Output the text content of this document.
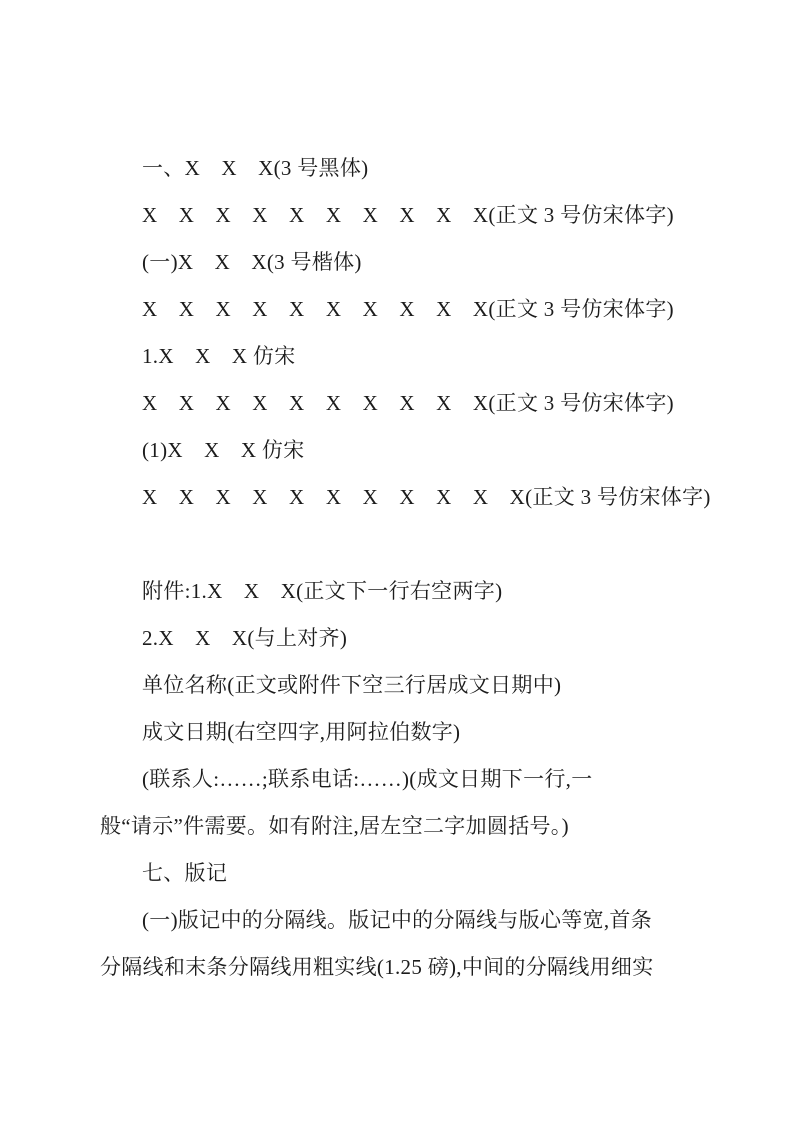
一、X　X　X(3 号黑体)
X　X　X　X　X　X　X　X　X　X(正文 3 号仿宋体字)
(一)X　X　X(3 号楷体)
X　X　X　X　X　X　X　X　X　X(正文 3 号仿宋体字)
1.X　X　X 仿宋
X　X　X　X　X　X　X　X　X　X(正文 3 号仿宋体字)
(1)X　X　X 仿宋
X　X　X　X　X　X　X　X　X　X　X(正文 3 号仿宋体字)
附件:1.X　X　X(正文下一行右空两字)
2.X　X　X(与上对齐)
单位名称(正文或附件下空三行居成文日期中)
成文日期(右空四字,用阿拉伯数字)
(联系人:……;联系电话:……)(成文日期下一行,一
般“请示”件需要。如有附注,居左空二字加圆括号。)
七、版记
(一)版记中的分隔线。版记中的分隔线与版心等宽,首条
分隔线和末条分隔线用粗实线(1.25 磅),中间的分隔线用细实
